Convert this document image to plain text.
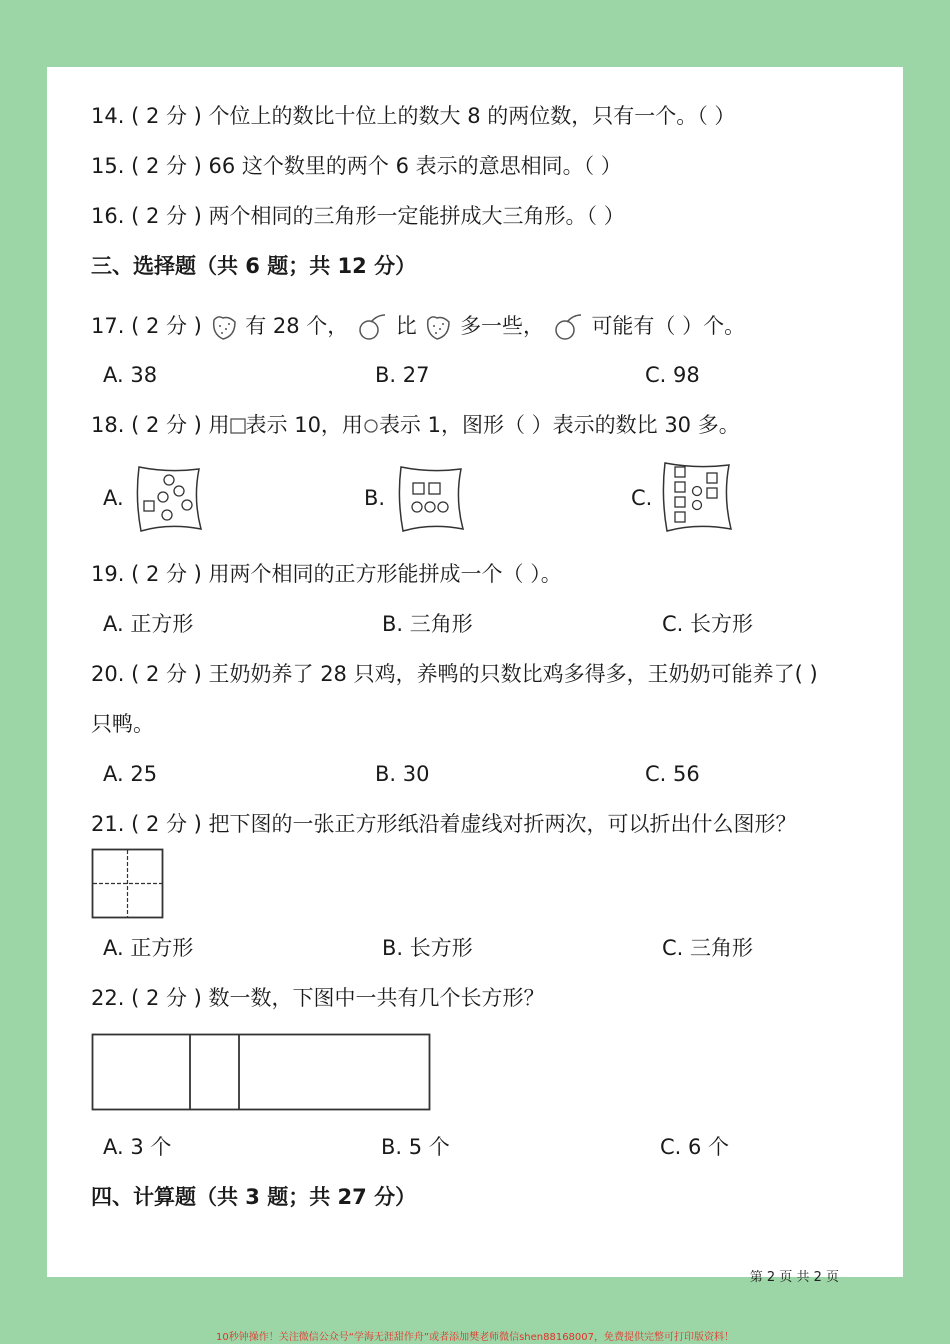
14. ( 2 分 ) 个位上的数比十位上的数大 8 的两位数，只有一个。（ ）
15. ( 2 分 ) 66 这个数里的两个 6 表示的意思相同。（ ）
16. ( 2 分 ) 两个相同的三角形一定能拼成大三角形。（ ）
三、选择题（共 6 题；共 12 分）
17. ( 2 分 ) 有 28 个， 比 多一些， 可能有（ ）个。
A. 38	B. 27	C. 98
18. ( 2 分 ) 用 表示 10，用 表示 1，图形（ ）表示的数比 30 多。
A.	B.	C.
19. ( 2 分 ) 用两个相同的正方形能拼成一个（ ）。
A. 正方形	B. 三角形	C. 长方形
20. ( 2 分 ) 王奶奶养了 28 只鸡，养鸭的只数比鸡多得多，王奶奶可能养了( )
只鸭。
A. 25	B. 30	C. 56
21. ( 2 分 ) 把下图的一张正方形纸沿着虚线对折两次，可以折出什么图形？
A. 正方形	B. 长方形	C. 三角形
22. ( 2 分 ) 数一数，下图中一共有几个长方形？
A. 3 个	B. 5 个	C. 6 个
四、计算题（共 3 题；共 27 分）
第 2 页 共 2 页
10秒钟操作！关注微信公众号“学海无涯甜作舟”或者添加樊老师微信shen88168007，免费提供完整可打印版资料！
